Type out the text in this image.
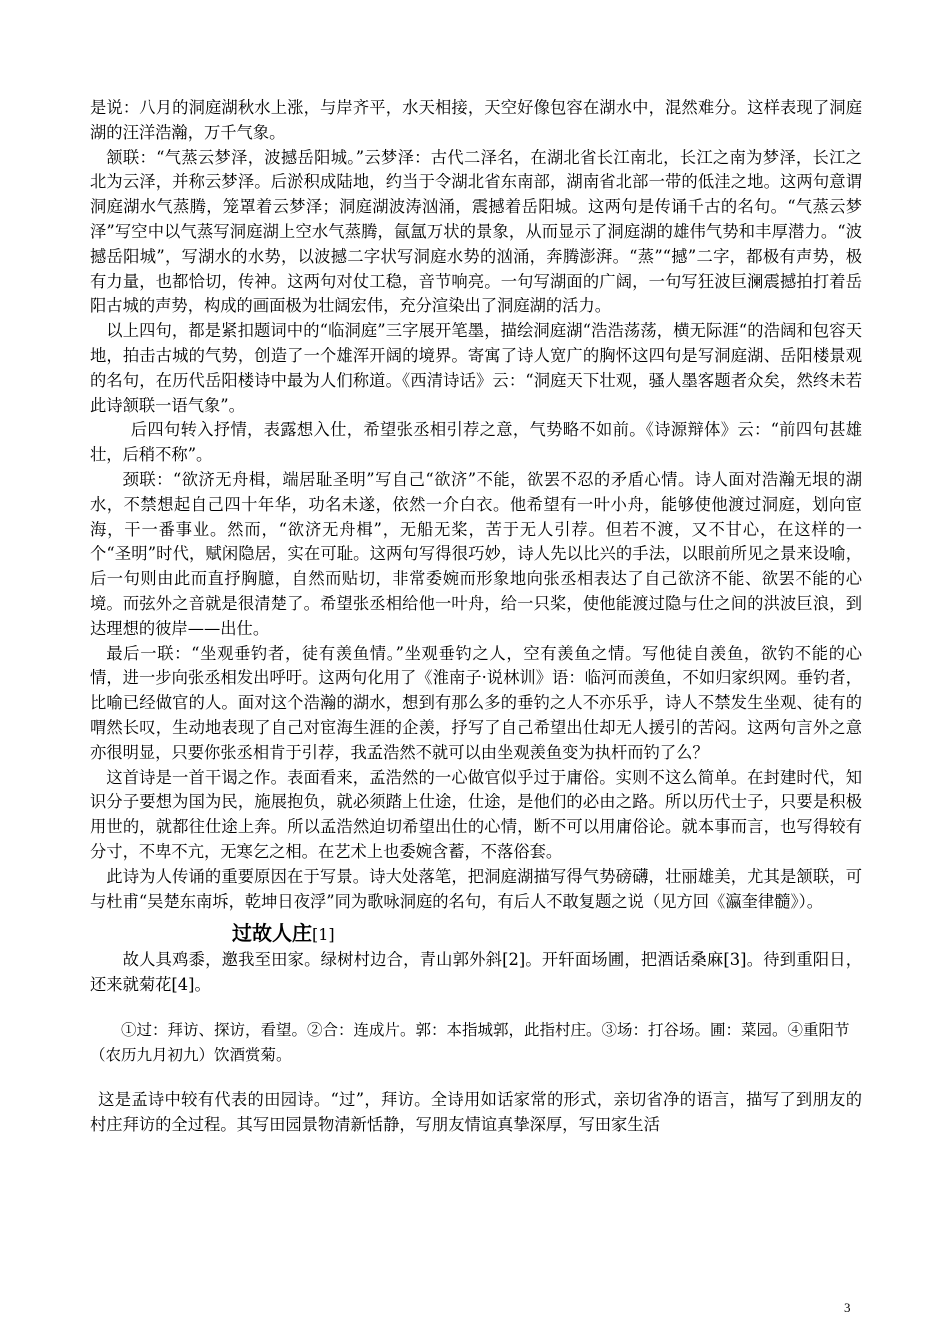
是说：八月的洞庭湖秋水上涨，与岸齐平，水天相接，天空好像包容在湖水中，混然难分。这样表现了洞庭湖的汪洋浩瀚，万千气象。

颔联：“气蒸云梦泽，波撼岳阳城。”云梦泽：古代二泽名，在湖北省长江南北，长江之南为梦泽，长江之北为云泽，并称云梦泽。后淤积成陆地，约当于令湖北省东南部，湖南省北部一带的低洼之地。这两句意谓洞庭湖水气蒸腾，笼罩着云梦泽；洞庭湖波涛汹涌，震撼着岳阳城。这两句是传诵千古的名句。“气蒸云梦泽”写空中以气蒸写洞庭湖上空水气蒸腾，氤氲万状的景象，从而显示了洞庭湖的雄伟气势和丰厚潜力。“波撼岳阳城”，写湖水的水势，以波撼二字状写洞庭水势的汹涌，奔腾澎湃。“蒸”“撼”二字，都极有声势，极有力量，也都恰切，传神。这两句对仗工稳，音节响亮。一句写湖面的广阔，一句写狂波巨澜震撼拍打着岳阳古城的声势，构成的画面极为壮阔宏伟，充分渲染出了洞庭湖的活力。

以上四句，都是紧扣题词中的“临洞庭”三字展开笔墨，描绘洞庭湖“浩浩荡荡，横无际涯“的浩阔和包容天地，拍击古城的气势，创造了一个雄浑开阔的境界。寄寓了诗人宽广的胸怀这四句是写洞庭湖、岳阳楼景观的名句，在历代岳阳楼诗中最为人们称道。《西清诗话》云：“洞庭天下壮观，骚人墨客题者众矣，然终未若此诗颔联一语气象”。

后四句转入抒情，表露想入仕，希望张丞相引荐之意，气势略不如前。《诗源辩体》云：“前四句甚雄壮，后稍不称”。

颈联：“欲济无舟楫，端居耻圣明”写自己“欲济”不能，欲罢不忍的矛盾心情。诗人面对浩瀚无垠的湖水，不禁想起自己四十年华，功名未遂，依然一介白衣。他希望有一叶小舟，能够使他渡过洞庭，划向宦海，干一番事业。然而，“欲济无舟楫”，无船无桨，苦于无人引荐。但若不渡，又不甘心，在这样的一个“圣明”时代，赋闲隐居，实在可耻。这两句写得很巧妙，诗人先以比兴的手法，以眼前所见之景来设喻，后一句则由此而直抒胸臆，自然而贴切，非常委婉而形象地向张丞相表达了自己欲济不能、欲罢不能的心境。而弦外之音就是很清楚了。希望张丞相给他一叶舟，给一只桨，使他能渡过隐与仕之间的洪波巨浪，到达理想的彼岸——出仕。

最后一联：“坐观垂钓者，徒有羡鱼情。”坐观垂钓之人，空有羡鱼之情。写他徒自羡鱼，欲钓不能的心情，进一步向张丞相发出呼吁。这两句化用了《淮南子·说林训》语：临河而羡鱼，不如归家织网。垂钓者，比喻已经做官的人。面对这个浩瀚的湖水，想到有那么多的垂钓之人不亦乐乎，诗人不禁发生坐观、徒有的喟然长叹，生动地表现了自己对宦海生涯的企羡，抒写了自己希望出仕却无人援引的苦闷。这两句言外之意亦很明显，只要你张丞相肯于引荐，我孟浩然不就可以由坐观羡鱼变为执杆而钓了么？

这首诗是一首干谒之作。表面看来，孟浩然的一心做官似乎过于庸俗。实则不这么简单。在封建时代，知识分子要想为国为民，施展抱负，就必须踏上仕途，仕途，是他们的必由之路。所以历代士子，只要是积极用世的，就都往仕途上奔。所以孟浩然迫切希望出仕的心情，断不可以用庸俗论。就本事而言，也写得较有分寸，不卑不亢，无寒乞之相。在艺术上也委婉含蓄，不落俗套。

此诗为人传诵的重要原因在于写景。诗大处落笔，把洞庭湖描写得气势磅礴，壮丽雄美，尤其是颔联，可与杜甫“吴楚东南坼，乾坤日夜浮”同为歌咏洞庭的名句，有后人不敢复题之说（见方回《瀛奎律髓》）。

过故人庄[1]

故人具鸡黍，邀我至田家。绿树村边合，青山郭外斜[2]。开轩面场圃，把酒话桑麻[3]。待到重阳日，还来就菊花[4]。

①过：拜访、探访，看望。②合：连成片。郭：本指城郭，此指村庄。③场：打谷场。圃：菜园。④重阳节（农历九月初九）饮酒赏菊。

这是孟诗中较有代表的田园诗。“过”，拜访。全诗用如话家常的形式，亲切省净的语言，描写了到朋友的村庄拜访的全过程。其写田园景物清新恬静，写朋友情谊真挚深厚，写田家生活

3
